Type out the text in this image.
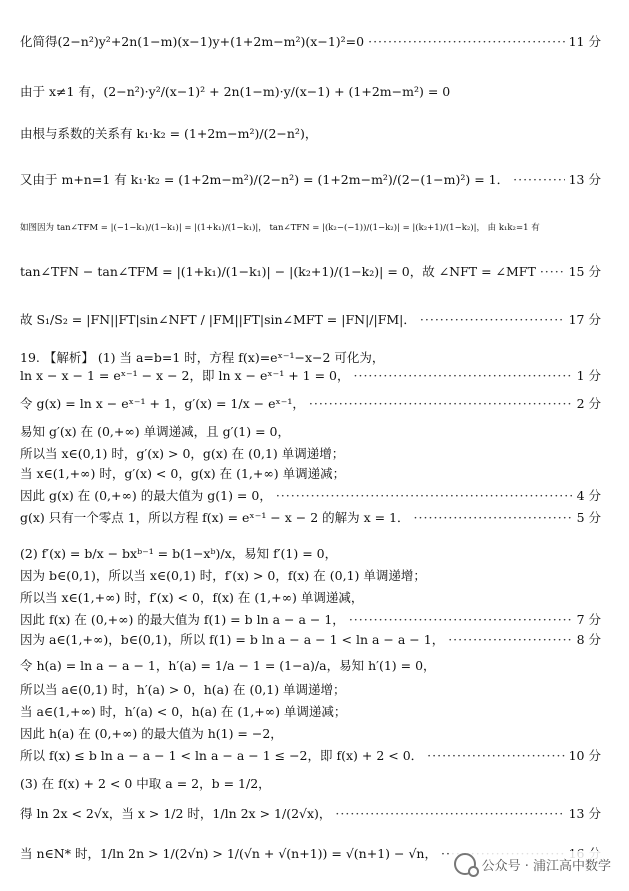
化简得(2−n²)y²+2n(1−m)(x−1)y+(1+2m−m²)(x−1)²=0 ·····	11 分
由于 x≠1 有，(2−n²)·y²/(x−1)² + 2n(1−m)·y/(x−1) + (1+2m−m²) = 0
由根与系数的关系有 k₁·k₂ = (1+2m−m²)/(2−n²)，
又由于 m+n=1 有 k₁·k₂ = (1+2m−m²)/(2−n²) = (1+2m−m²)/(2−(1−m)²) = 1． ·····	13 分
如图因为 tan∠TFM = |(−1−k₁)/(1−k₁)| = |(1+k₁)/(1−k₁)|， tan∠TFN = |(k₂−(−1))/(1−k₂)| = |(k₂+1)/(1−k₂)|， 由 k₁k₂=1 有
tan∠TFN − tan∠TFM = |(1+k₁)/(1−k₁)| − |(k₂+1)/(1−k₂)| = 0，故 ∠NFT = ∠MFT ·····	15 分
故 S₁/S₂ = |FN||FT|sin∠NFT / |FM||FT|sin∠MFT = |FN|/|FM|． ·····	17 分
19. 【解析】 (1) 当 a=b=1 时，方程 f(x)=eˣ⁻¹−x−2 可化为，
ln x − x − 1 = eˣ⁻¹ − x − 2，即 ln x − eˣ⁻¹ + 1 = 0， ·····	1 分
令 g(x) = ln x − eˣ⁻¹ + 1，g′(x) = 1/x − eˣ⁻¹， ·····	2 分
易知 g′(x) 在 (0,+∞) 单调递减，且 g′(1) = 0，
所以当 x∈(0,1) 时，g′(x) > 0，g(x) 在 (0,1) 单调递增；
当 x∈(1,+∞) 时，g′(x) < 0，g(x) 在 (1,+∞) 单调递减；
因此 g(x) 在 (0,+∞) 的最大值为 g(1) = 0， ·····	4 分
g(x) 只有一个零点 1，所以方程 f(x) = eˣ⁻¹ − x − 2 的解为 x = 1． ·····	5 分
(2) f′(x) = b/x − bxᵇ⁻¹ = b(1−xᵇ)/x，易知 f′(1) = 0，
因为 b∈(0,1)，所以当 x∈(0,1) 时，f′(x) > 0，f(x) 在 (0,1) 单调递增；
所以当 x∈(1,+∞) 时，f′(x) < 0，f(x) 在 (1,+∞) 单调递减，
因此 f(x) 在 (0,+∞) 的最大值为 f(1) = b ln a − a − 1， ·····	7 分
因为 a∈(1,+∞)，b∈(0,1)，所以 f(1) = b ln a − a − 1 < ln a − a − 1， ·····	8 分
令 h(a) = ln a − a − 1，h′(a) = 1/a − 1 = (1−a)/a，易知 h′(1) = 0，
所以当 a∈(0,1) 时，h′(a) > 0，h(a) 在 (0,1) 单调递增；
当 a∈(1,+∞) 时，h′(a) < 0，h(a) 在 (1,+∞) 单调递减；
因此 h(a) 在 (0,+∞) 的最大值为 h(1) = −2，
所以 f(x) ≤ b ln a − a − 1 < ln a − a − 1 ≤ −2，即 f(x) + 2 < 0． ·····	10 分
(3) 在 f(x) + 2 < 0 中取 a = 2，b = 1/2，
得 ln 2x < 2√x，当 x > 1/2 时，1/ln 2x > 1/(2√x)， ·····	13 分
当 n∈N* 时，1/ln 2n > 1/(2√n) > 1/(√n + √(n+1)) = √(n+1) − √n，
·····
公众号 · 浦江高中数学
